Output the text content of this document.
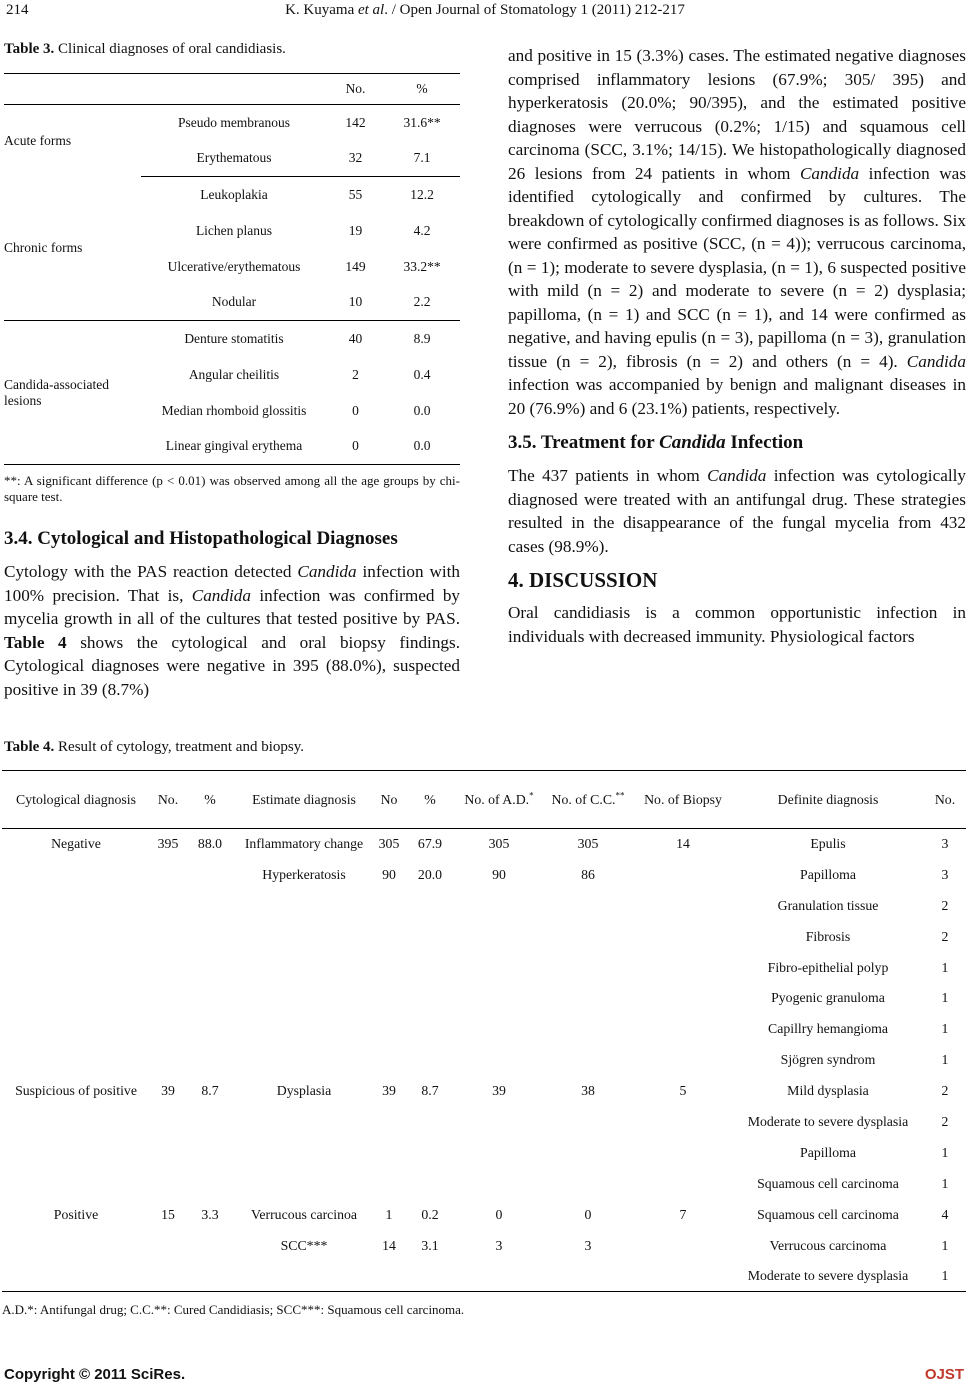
214	K. Kuyama et al. / Open Journal of Stomatology 1 (2011) 212-217
Table 3. Clinical diagnoses of oral candidiasis.
		No.	%
Acute forms	Pseudo membranous	142	31.6**
	Erythematous	32	7.1
Chronic forms	Leukoplakia	55	12.2
	Lichen planus	19	4.2
	Ulcerative/erythematous	149	33.2**
	Nodular	10	2.2
Candida-associated lesions	Denture stomatitis	40	8.9
	Angular cheilitis	2	0.4
	Median rhomboid glossitis	0	0.0
	Linear gingival erythema	0	0.0
**: A significant difference (p < 0.01) was observed among all the age groups by chi-square test.
3.4. Cytological and Histopathological Diagnoses

Cytology with the PAS reaction detected Candida infection with 100% precision. That is, Candida infection was confirmed by mycelia growth in all of the cultures that tested positive by PAS. Table 4 shows the cytological and oral biopsy findings. Cytological diagnoses were negative in 395 (88.0%), suspected positive in 39 (8.7%)

and positive in 15 (3.3%) cases. The estimated negative diagnoses comprised inflammatory lesions (67.9%; 305/ 395) and hyperkeratosis (20.0%; 90/395), and the estimated positive diagnoses were verrucous (0.2%; 1/15) and squamous cell carcinoma (SCC, 3.1%; 14/15). We histopathologically diagnosed 26 lesions from 24 patients in whom Candida infection was identified cytologically and confirmed by cultures. The breakdown of cytologically confirmed diagnoses is as follows. Six were confirmed as positive (SCC, (n = 4)); verrucous carcinoma, (n = 1); moderate to severe dysplasia, (n = 1), 6 suspected positive with mild (n = 2) and moderate to severe (n = 2) dysplasia; papilloma, (n = 1) and SCC (n = 1), and 14 were confirmed as negative, and having epulis (n = 3), papilloma (n = 3), granulation tissue (n = 2), fibrosis (n = 2) and others (n = 4). Candida infection was accompanied by benign and malignant diseases in 20 (76.9%) and 6 (23.1%) patients, respectively.

3.5. Treatment for Candida Infection

The 437 patients in whom Candida infection was cytologically diagnosed were treated with an antifungal drug. These strategies resulted in the disappearance of the fungal mycelia from 432 cases (98.9%).

4. DISCUSSION

Oral candidiasis is a common opportunistic infection in individuals with decreased immunity. Physiological factors

Table 4. Result of cytology, treatment and biopsy.
Cytological diagnosis	No.	%	Estimate diagnosis	No	%	No. of A.D.*	No. of C.C.**	No. of Biopsy	Definite diagnosis	No.
Negative	395	88.0	Inflammatory change	305	67.9	305	305	14	Epulis	3
			Hyperkeratosis	90	20.0	90	86		Papilloma	3
									Granulation tissue	2
									Fibrosis	2
									Fibro-epithelial polyp	1
									Pyogenic granuloma	1
									Capillry hemangioma	1
									Sjögren syndrom	1
Suspicious of positive	39	8.7	Dysplasia	39	8.7	39	38	5	Mild dysplasia	2
									Moderate to severe dysplasia	2
									Papilloma	1
									Squamous cell carcinoma	1
Positive	15	3.3	Verrucous carcinoa	1	0.2	0	0	7	Squamous cell carcinoma	4
			SCC***	14	3.1	3	3		Verrucous carcinoma	1
									Moderate to severe dysplasia	1
A.D.*: Antifungal drug; C.C.**: Cured Candidiasis; SCC***: Squamous cell carcinoma.
Copyright © 2011 SciRes.	OJST
